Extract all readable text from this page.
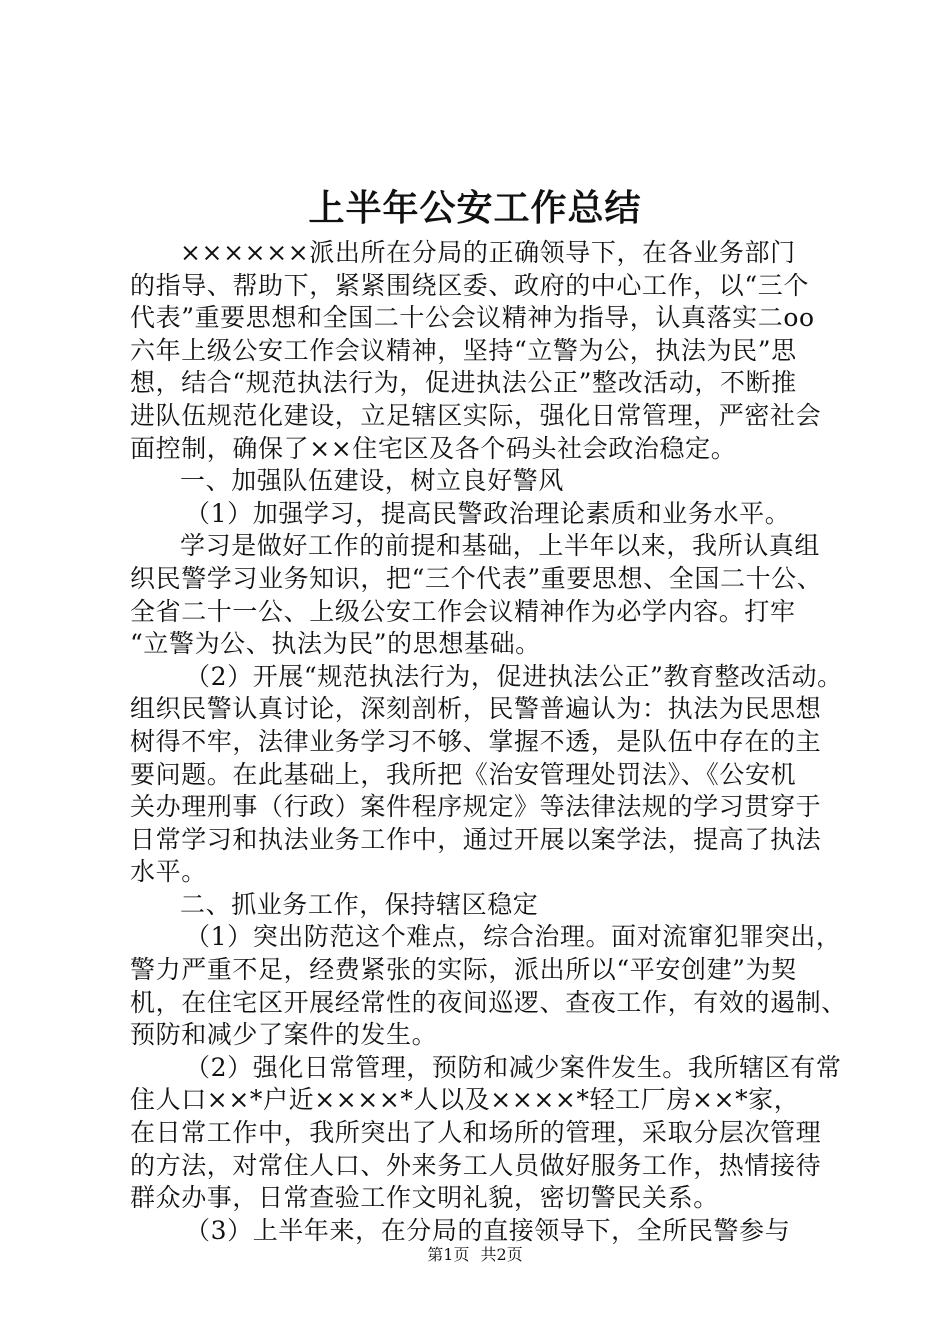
上半年公安工作总结
××××××派出所在分局的正确领导下，在各业务部门
的指导、帮助下，紧紧围绕区委、政府的中心工作，以“三个
代表”重要思想和全国二十公会议精神为指导，认真落实二oo
六年上级公安工作会议精神，坚持“立警为公，执法为民”思
想，结合“规范执法行为，促进执法公正”整改活动，不断推
进队伍规范化建设，立足辖区实际，强化日常管理，严密社会
面控制，确保了××住宅区及各个码头社会政治稳定。
一、加强队伍建设，树立良好警风
（1）加强学习，提高民警政治理论素质和业务水平。
学习是做好工作的前提和基础，上半年以来，我所认真组
织民警学习业务知识，把“三个代表”重要思想、全国二十公、
全省二十一公、上级公安工作会议精神作为必学内容。打牢
“立警为公、执法为民”的思想基础。
（2）开展“规范执法行为，促进执法公正”教育整改活动。
组织民警认真讨论，深刻剖析，民警普遍认为：执法为民思想
树得不牢，法律业务学习不够、掌握不透，是队伍中存在的主
要问题。在此基础上，我所把《治安管理处罚法》、《公安机
关办理刑事（行政）案件程序规定》等法律法规的学习贯穿于
日常学习和执法业务工作中，通过开展以案学法，提高了执法
水平。
二、抓业务工作，保持辖区稳定
（1）突出防范这个难点，综合治理。面对流窜犯罪突出，
警力严重不足，经费紧张的实际，派出所以“平安创建”为契
机，在住宅区开展经常性的夜间巡逻、查夜工作，有效的遏制、
预防和减少了案件的发生。
（2）强化日常管理，预防和减少案件发生。我所辖区有常
住人口××*户近××××*人以及××××*轻工厂房××*家，
在日常工作中，我所突出了人和场所的管理，采取分层次管理
的方法，对常住人口、外来务工人员做好服务工作，热情接待
群众办事，日常查验工作文明礼貌，密切警民关系。
（3）上半年来，在分局的直接领导下，全所民警参与
第1页 共2页
